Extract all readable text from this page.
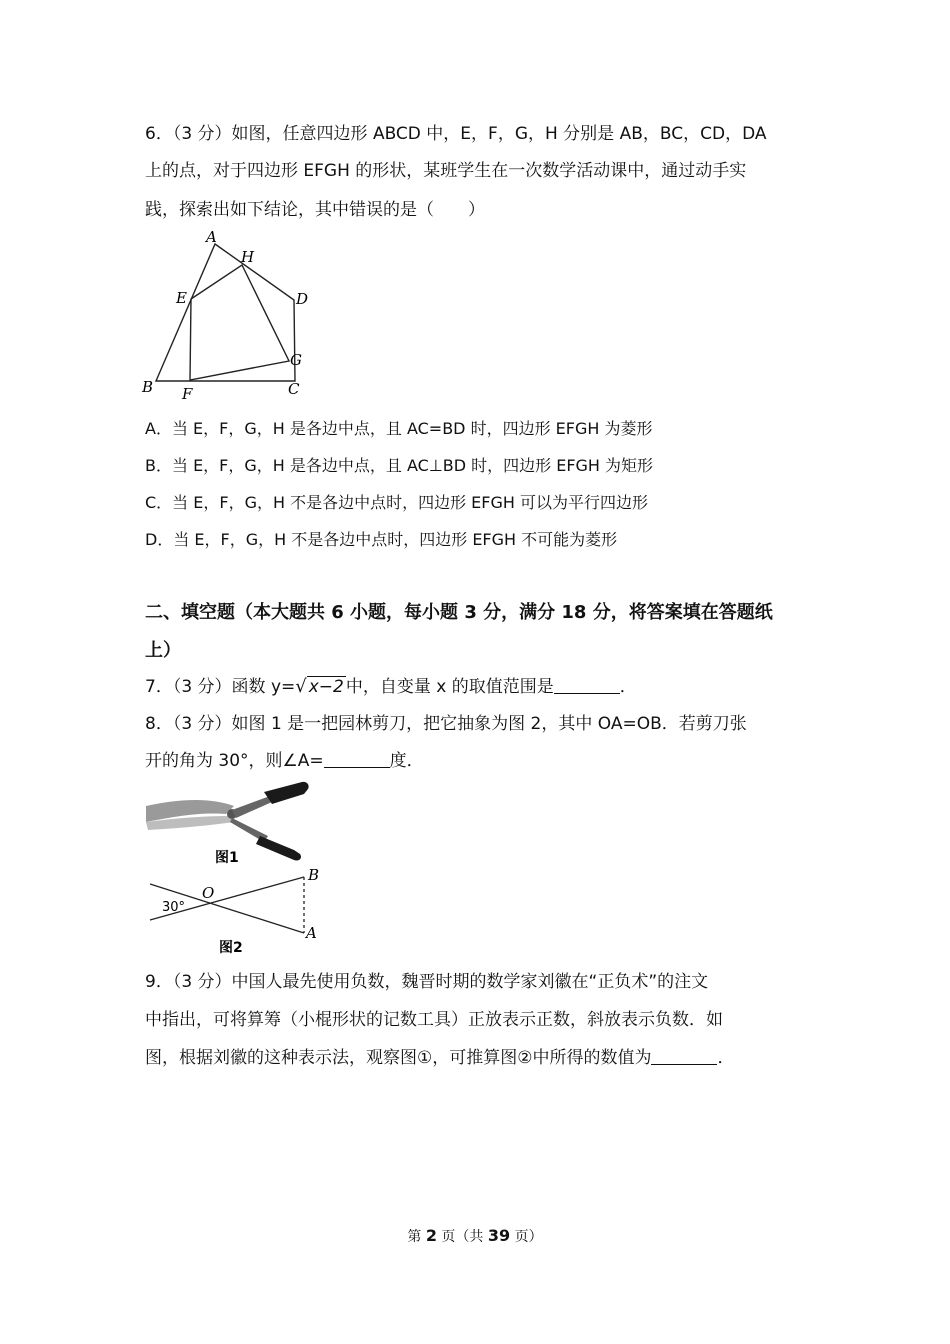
6．（3 分）如图，任意四边形 ABCD 中，E，F，G，H 分别是 AB，BC，CD，DA
上的点，对于四边形 EFGH 的形状，某班学生在一次数学活动课中，通过动手实
践，探索出如下结论，其中错误的是（　　）
A
H
D
E
G
B F	C
A．当 E，F，G，H 是各边中点，且 AC=BD 时，四边形 EFGH 为菱形
B．当 E，F，G，H 是各边中点，且 AC⊥BD 时，四边形 EFGH 为矩形
C．当 E，F，G，H 不是各边中点时，四边形 EFGH 可以为平行四边形
D．当 E，F，G，H 不是各边中点时，四边形 EFGH 不可能为菱形
二、填空题（本大题共 6 小题，每小题 3 分，满分 18 分，将答案填在答题纸
上）
7．（3 分）函数 y=√ x−2 中，自变量 x 的取值范围是	．
8．（3 分）如图 1 是一把园林剪刀，把它抽象为图 2，其中 OA=OB．若剪刀张
开的角为 30°，则∠A=	度．
图1
O
30°
B
A
图2
9．（3 分）中国人最先使用负数，魏晋时期的数学家刘徽在“正负术”的注文
中指出，可将算筹（小棍形状的记数工具）正放表示正数，斜放表示负数．如
图，根据刘徽的这种表示法，观察图①，可推算图②中所得的数值为	．
第 2 页（共 39 页）
